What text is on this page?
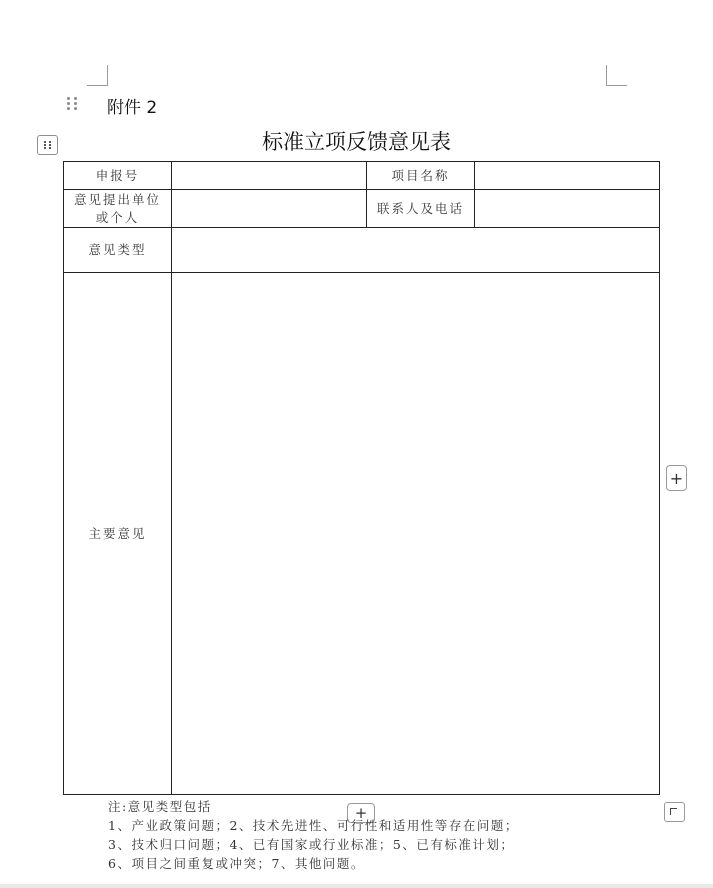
附件 2
标准立项反馈意见表
申报号		项目名称	

意见提出单位
或个人		联系人及电话	
意见类型			
主要意见			
+
+
注:意见类型包括
1、产业政策问题；2、技术先进性、可行性和适用性等存在问题；
3、技术归口问题；4、已有国家或行业标准；5、已有标准计划；
6、项目之间重复或冲突；7、其他问题。
